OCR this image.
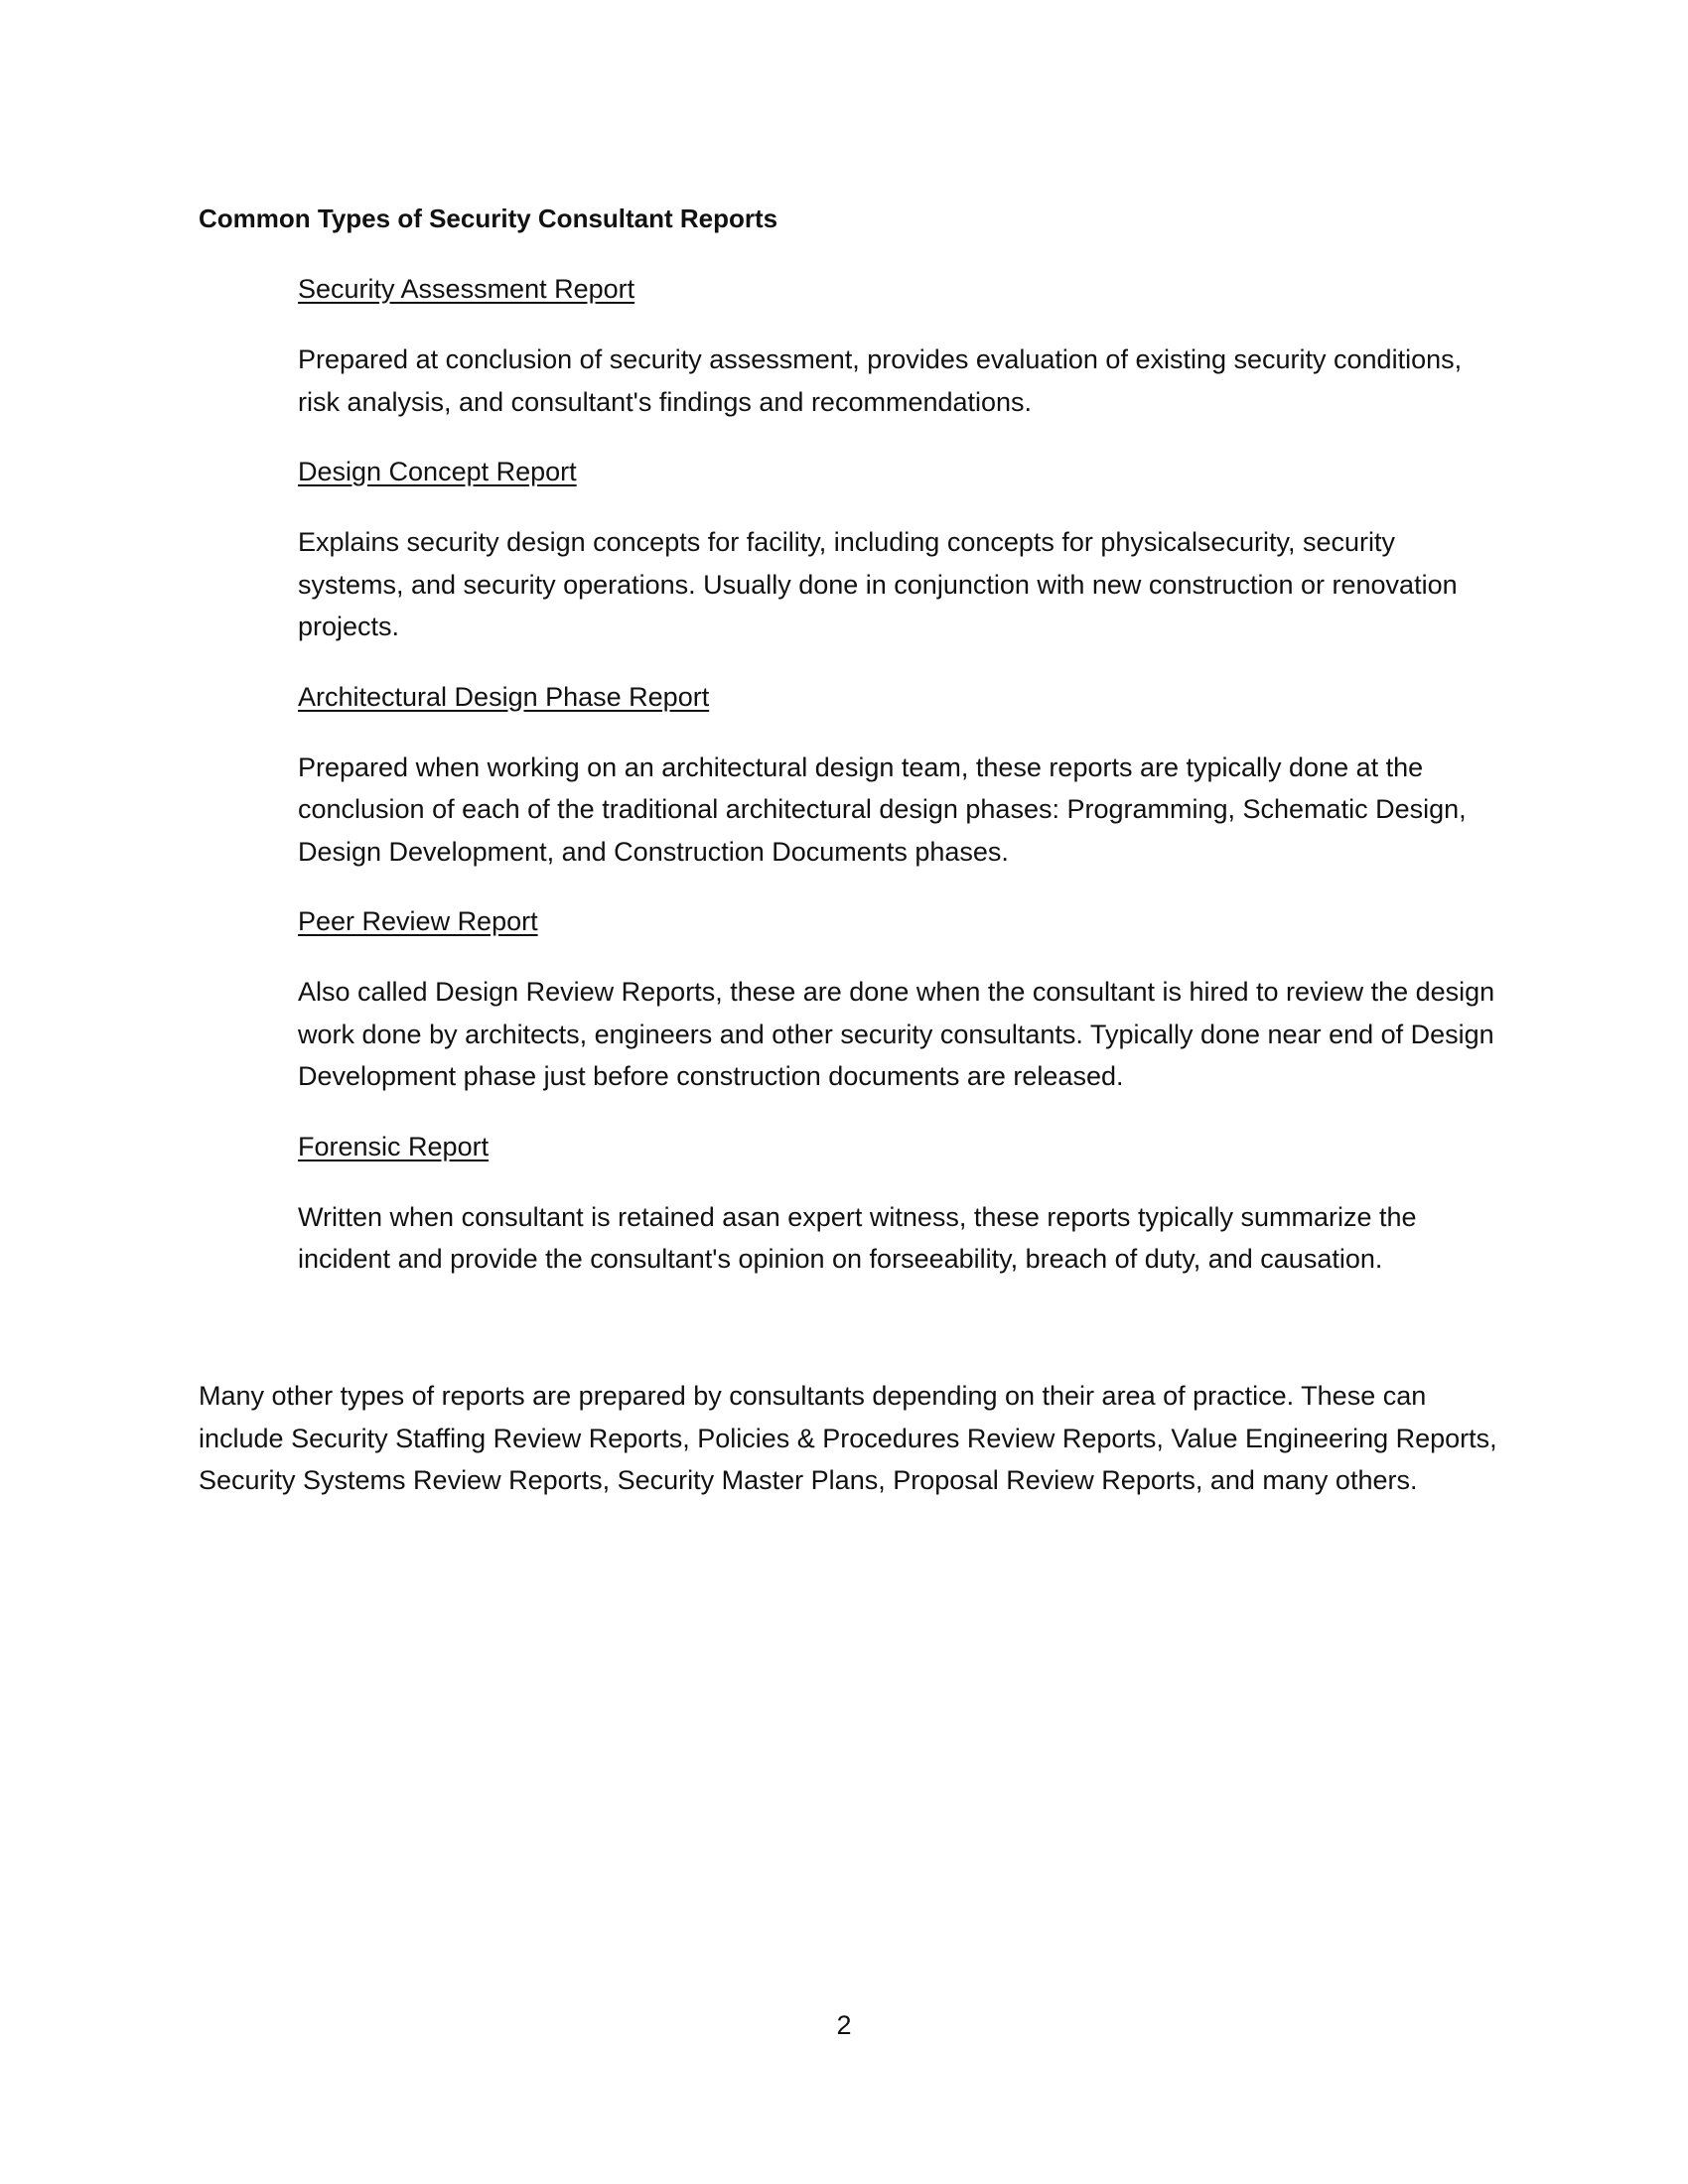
Common Types of Security Consultant Reports
Security Assessment Report

Prepared at conclusion of security assessment, provides evaluation of existing security conditions, risk analysis, and consultant's findings and recommendations.

Design Concept Report

Explains security design concepts for facility, including concepts for physicalsecurity, security systems, and security operations. Usually done in conjunction with new construction or renovation projects.

Architectural Design Phase Report

Prepared when working on an architectural design team, these reports are typically done at the conclusion of each of the traditional architectural design phases: Programming, Schematic Design, Design Development, and Construction Documents phases.

Peer Review Report

Also called Design Review Reports, these are done when the consultant is hired to review the design work done by architects, engineers and other security consultants. Typically done near end of Design Development phase just before construction documents are released.

Forensic Report

Written when consultant is retained asan expert witness, these reports typically summarize the incident and provide the consultant's opinion on forseeability, breach of duty, and causation.

Many other types of reports are prepared by consultants depending on their area of practice. These can include Security Staffing Review Reports, Policies & Procedures Review Reports, Value Engineering Reports, Security Systems Review Reports, Security Master Plans, Proposal Review Reports, and many others.

2
